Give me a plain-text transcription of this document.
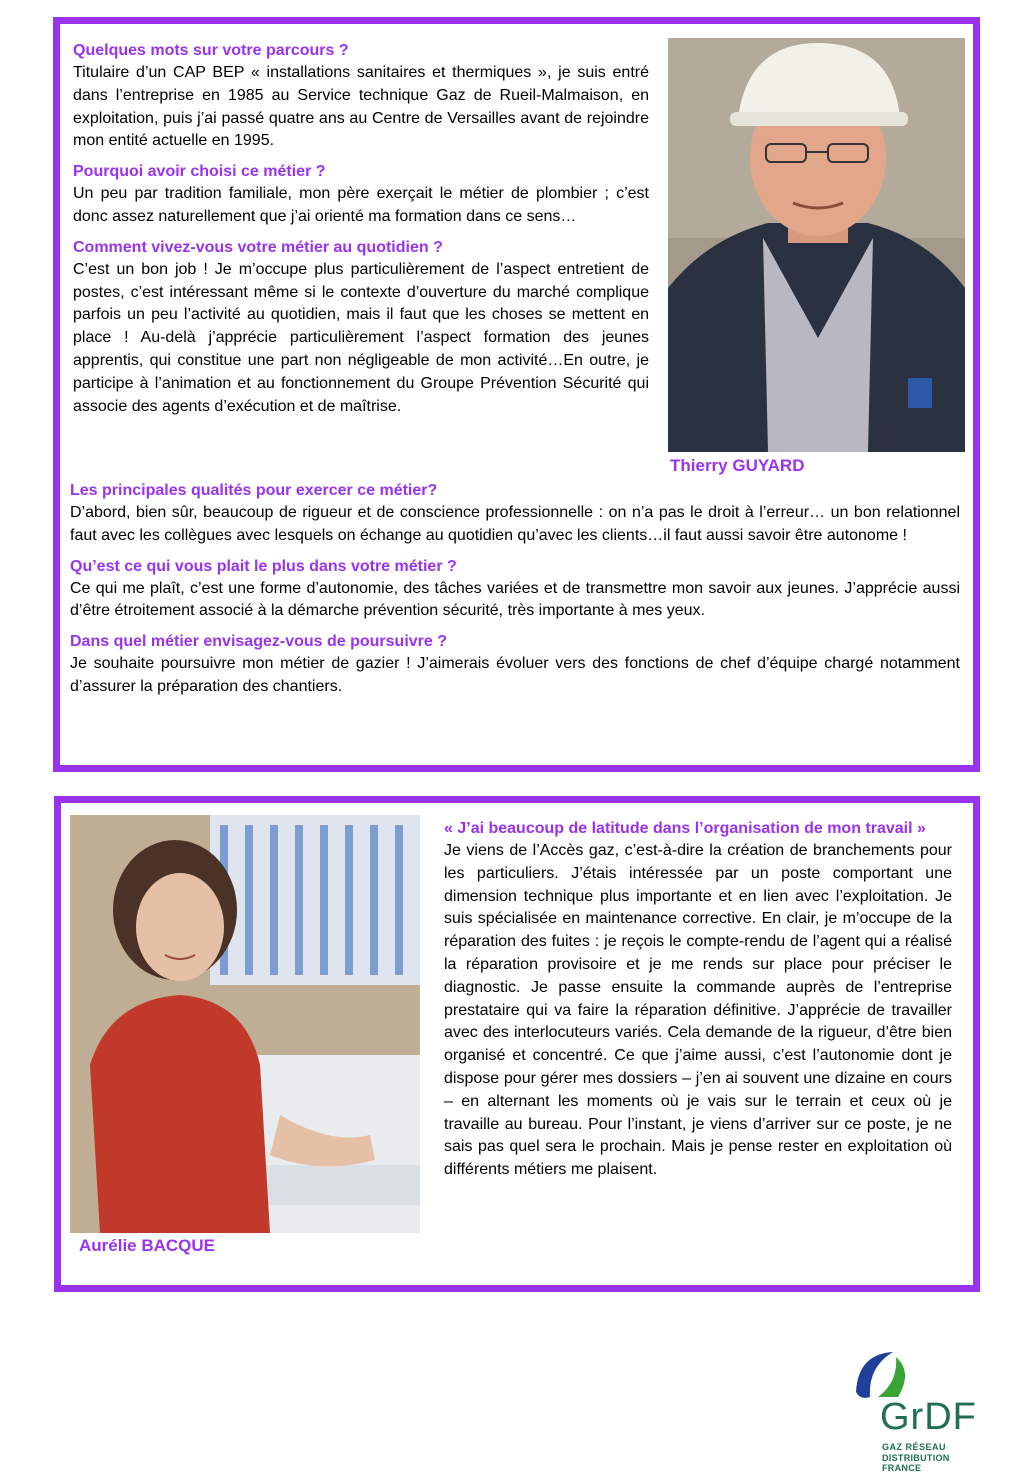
Quelques mots sur votre parcours ?

Titulaire d’un CAP BEP « installations sanitaires et thermiques », je suis entré dans l’entreprise en 1985 au Service technique Gaz de Rueil-Malmaison, en exploitation, puis j’ai passé quatre ans au Centre de Versailles avant de rejoindre mon entité actuelle en 1995.

Pourquoi avoir choisi ce métier ?

Un peu par tradition familiale, mon père exerçait le métier de plombier ; c’est donc assez naturellement que j’ai orienté ma formation dans ce sens…

Comment vivez-vous votre métier au quotidien ?

C’est un bon job ! Je m’occupe plus particulièrement de l’aspect entretient de postes, c’est intéressant même si le contexte d’ouverture du marché complique parfois un peu l’activité au quotidien, mais il faut que les choses se mettent en place ! Au-delà j’apprécie particulièrement l’aspect formation des jeunes apprentis, qui constitue une part non négligeable de mon activité…En outre, je participe à l’animation et au fonctionnement du Groupe Prévention Sécurité qui associe des agents d’exécution et de maîtrise.

Thierry GUYARD

Les principales qualités pour exercer ce métier?

D’abord, bien sûr, beaucoup de rigueur et de conscience professionnelle : on n’a pas le droit à l’erreur… un bon relationnel faut avec les collègues avec lesquels on échange au quotidien qu’avec les clients…il faut aussi savoir être autonome !

Qu’est ce qui vous plait le plus dans votre métier ?

Ce qui me plaît, c’est une forme d’autonomie, des tâches variées et de transmettre mon savoir aux jeunes. J’apprécie aussi d’être étroitement associé à la démarche prévention sécurité, très importante à mes yeux.

Dans quel métier envisagez-vous de poursuivre ?

Je souhaite poursuivre mon métier de gazier ! J’aimerais évoluer vers des fonctions de chef d’équipe chargé notamment d’assurer la préparation des chantiers.

Aurélie BACQUE

« J’ai beaucoup de latitude dans l’organisation de mon travail »

Je viens de l’Accès gaz, c’est-à-dire la création de branchements pour les particuliers. J’étais intéressée par un poste comportant une dimension technique plus importante et en lien avec l’exploitation. Je suis spécialisée en maintenance corrective. En clair, je m’occupe de la réparation des fuites : je reçois le compte-rendu de l’agent qui a réalisé la réparation provisoire et je me rends sur place pour préciser le diagnostic. Je passe ensuite la commande auprès de l’entreprise prestataire qui va faire la réparation définitive. J’apprécie de travailler avec des interlocuteurs variés. Cela demande de la rigueur, d’être bien organisé et concentré. Ce que j’aime aussi, c’est l’autonomie dont je dispose pour gérer mes dossiers – j’en ai souvent une dizaine en cours – en alternant les moments où je vais sur le terrain et ceux où je travaille au bureau. Pour l’instant, je viens d’arriver sur ce poste, je ne sais pas quel sera le prochain. Mais je pense rester en exploitation où différents métiers me plaisent.

GrDF
GAZ RÉSEAU
DISTRIBUTION FRANCE
